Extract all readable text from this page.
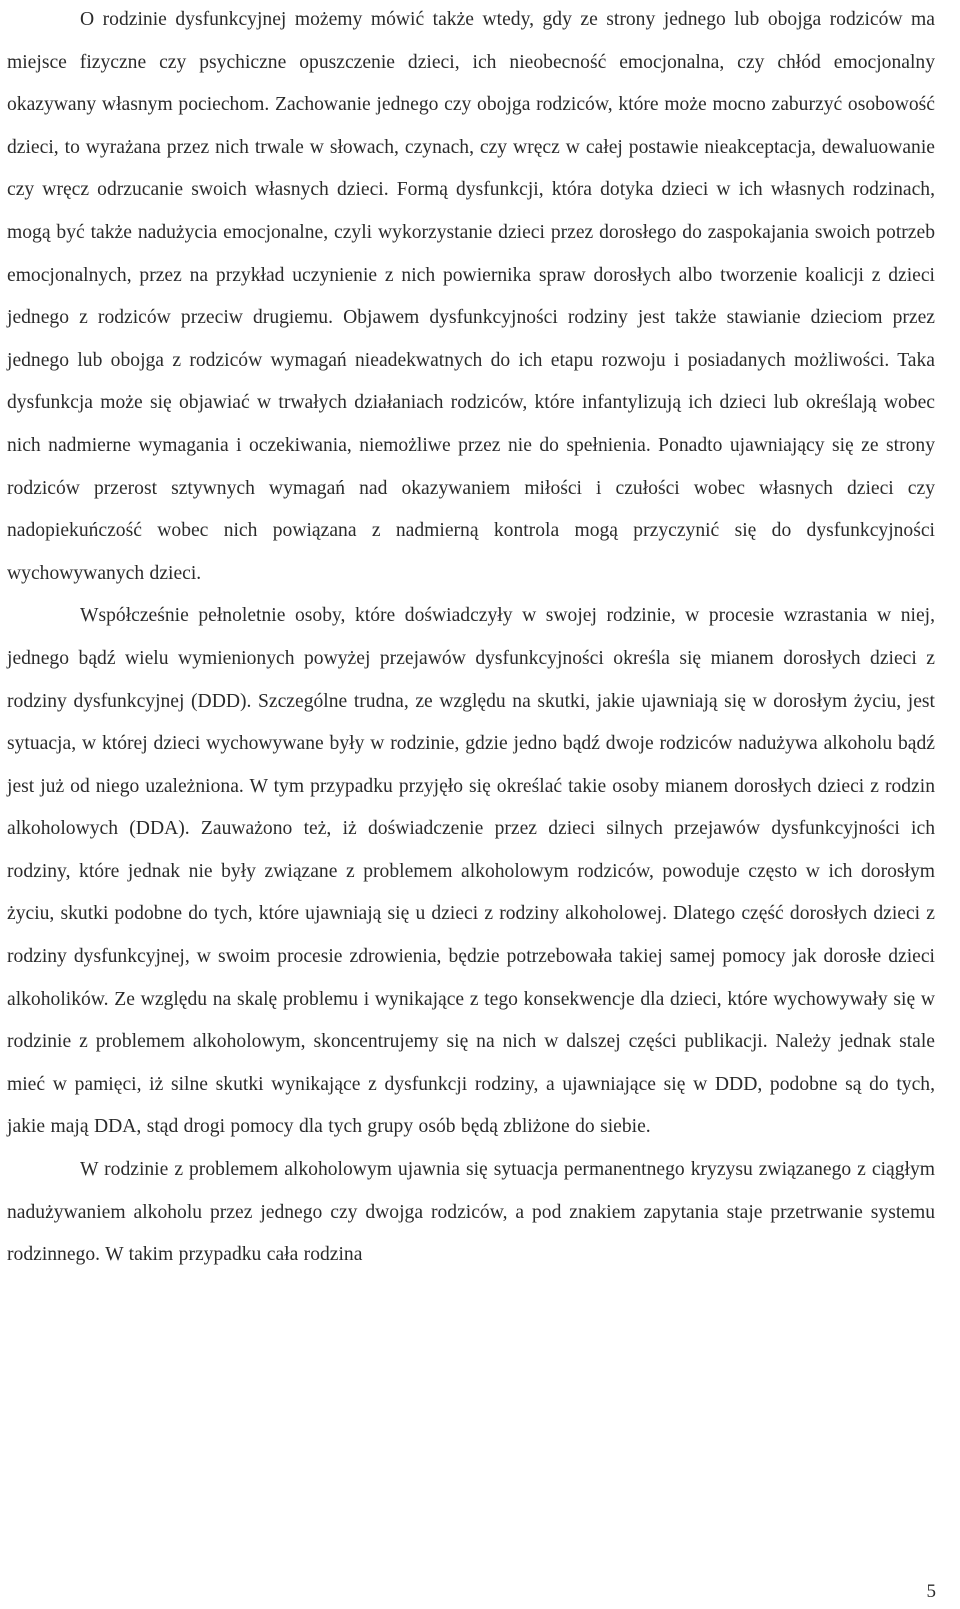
O rodzinie dysfunkcyjnej możemy mówić także wtedy, gdy ze strony jednego lub obojga rodziców ma miejsce fizyczne czy psychiczne opuszczenie dzieci, ich nieobecność emocjonalna, czy chłód emocjonalny okazywany własnym pociechom. Zachowanie jednego czy obojga rodziców, które może mocno zaburzyć osobowość dzieci, to wyrażana przez nich trwale w słowach, czynach, czy wręcz w całej postawie nieakceptacja, dewaluowanie czy wręcz odrzucanie swoich własnych dzieci. Formą dysfunkcji, która dotyka dzieci w ich własnych rodzinach, mogą być także nadużycia emocjonalne, czyli wykorzystanie dzieci przez dorosłego do zaspokajania swoich potrzeb emocjonalnych, przez na przykład uczynienie z nich powiernika spraw dorosłych albo tworzenie koalicji z dzieci jednego z rodziców przeciw drugiemu. Objawem dysfunkcyjności rodziny jest także stawianie dzieciom przez jednego lub obojga z rodziców wymagań nieadekwatnych do ich etapu rozwoju i posiadanych możliwości. Taka dysfunkcja może się objawiać w trwałych działaniach rodziców, które infantylizują ich dzieci lub określają wobec nich nadmierne wymagania i oczekiwania, niemożliwe przez nie do spełnienia. Ponadto ujawniający się ze strony rodziców przerost sztywnych wymagań nad okazywaniem miłości i czułości wobec własnych dzieci czy nadopiekuńczość wobec nich powiązana z nadmierną kontrola mogą przyczynić się do dysfunkcyjności wychowywanych dzieci.

Współcześnie pełnoletnie osoby, które doświadczyły w swojej rodzinie, w procesie wzrastania w niej, jednego bądź wielu wymienionych powyżej przejawów dysfunkcyjności określa się mianem dorosłych dzieci z rodziny dysfunkcyjnej (DDD). Szczególne trudna, ze względu na skutki, jakie ujawniają się w dorosłym życiu, jest sytuacja, w której dzieci wychowywane były w rodzinie, gdzie jedno bądź dwoje rodziców nadużywa alkoholu bądź jest już od niego uzależniona. W tym przypadku przyjęło się określać takie osoby mianem dorosłych dzieci z rodzin alkoholowych (DDA). Zauważono też, iż doświadczenie przez dzieci silnych przejawów dysfunkcyjności ich rodziny, które jednak nie były związane z problemem alkoholowym rodziców, powoduje często w ich dorosłym życiu, skutki podobne do tych, które ujawniają się u dzieci z rodziny alkoholowej. Dlatego część dorosłych dzieci z rodziny dysfunkcyjnej, w swoim procesie zdrowienia, będzie potrzebowała takiej samej pomocy jak dorosłe dzieci alkoholików. Ze względu na skalę problemu i wynikające z tego konsekwencje dla dzieci, które wychowywały się w rodzinie z problemem alkoholowym, skoncentrujemy się na nich w dalszej części publikacji. Należy jednak stale mieć w pamięci, iż silne skutki wynikające z dysfunkcji rodziny, a ujawniające się w DDD, podobne są do tych, jakie mają DDA, stąd drogi pomocy dla tych grupy osób będą zbliżone do siebie.

W rodzinie z problemem alkoholowym ujawnia się sytuacja permanentnego kryzysu związanego z ciągłym nadużywaniem alkoholu przez jednego czy dwojga rodziców, a pod znakiem zapytania staje przetrwanie systemu rodzinnego. W takim przypadku cała rodzina

5
